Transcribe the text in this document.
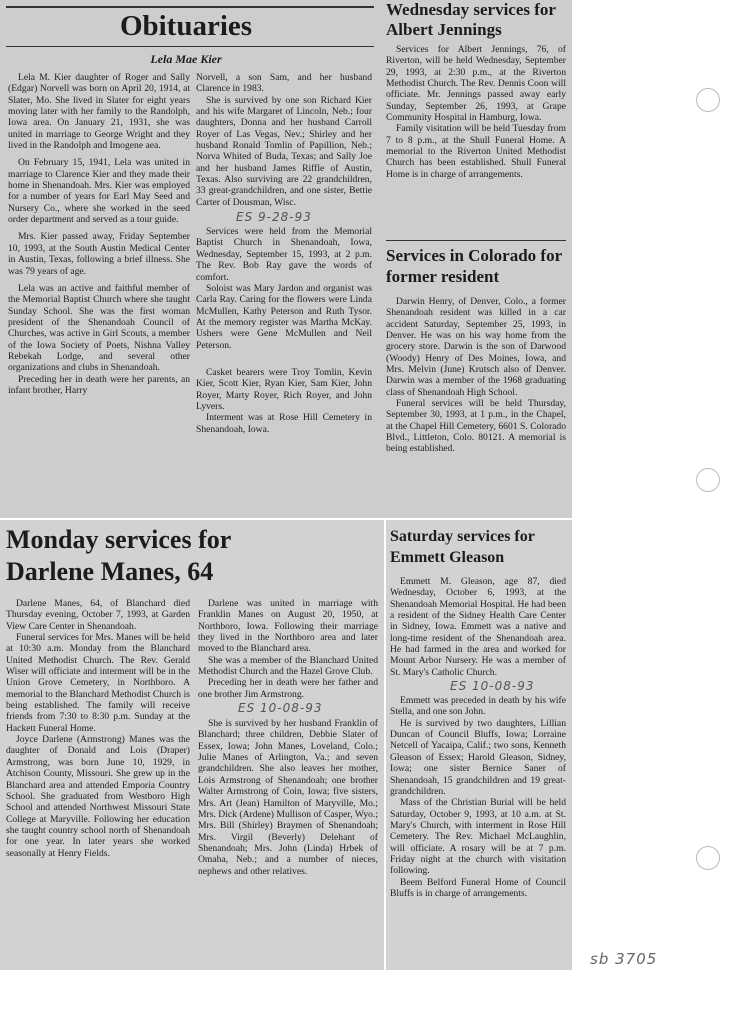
Obituaries
Lela Mae Kier

Lela M. Kier daughter of Roger and Sally (Edgar) Norvell was born on April 20, 1914, at Slater, Mo. She lived in Slater for eight years moving later with her family to the Randolph, Iowa area. On January 21, 1931, she was united in marriage to George Wright and they lived in the Randolph and Imogene aea.

On February 15, 1941, Lela was united in marriage to Clarence Kier and they made their home in Shenandoah. Mrs. Kier was employed for a number of years for Earl May Seed and Nursery Co., where she worked in the seed order department and served as a tour guide.

Mrs. Kier passed away, Friday September 10, 1993, at the South Austin Medical Center in Austin, Texas, following a brief illness. She was 79 years of age.

Lela was an active and faithful member of the Memorial Baptist Church where she taught Sunday School. She was the first woman president of the Shenandoah Council of Churches, was active in Girl Scouts, a member of the Iowa Society of Poets, Nishna Valley Rebekah Lodge, and several other organizations and clubs in Shenandoah.

Preceding her in death were her parents, an infant brother, Harry

Norvell, a son Sam, and her husband Clarence in 1983.

She is survived by one son Richard Kier and his wife Margaret of Lincoln, Neb.; four daughters, Donna and her husband Carroll Royer of Las Vegas, Nev.; Shirley and her husband Ronald Tomlin of Papillion, Neb.; Norva Whited of Buda, Texas; and Sally Joe and her husband James Riffle of Austin, Texas. Also surviving are 22 grandchildren, 33 great-grandchildren, and one sister, Bettie Carter of Dousman, Wisc.

ES 9-28-93

Services were held from the Memorial Baptist Church in Shenandoah, Iowa, Wednesday, September 15, 1993, at 2 p.m. The Rev. Bob Ray gave the words of comfort.

Soloist was Mary Jardon and organist was Carla Ray. Caring for the flowers were Linda McMullen, Kathy Peterson and Ruth Tysor. At the memory register was Martha McKay. Ushers were Gene McMullen and Neil Peterson.

Casket bearers were Troy Tomlin, Kevin Kier, Scott Kier, Ryan Kier, Sam Kier, John Royer, Marty Royer, Rich Royer, and John Lyvers.

Interment was at Rose Hill Cemetery in Shenandoah, Iowa.

Wednesday services for Albert Jennings

Services for Albert Jennings, 76, of Riverton, will be held Wednesday, September 29, 1993, at 2:30 p.m., at the Riverton Methodist Church. The Rev. Dennis Coon will officiate. Mr. Jennings passed away early Sunday, September 26, 1993, at Grape Community Hospital in Hamburg, Iowa.

Family visitation will be held Tuesday from 7 to 8 p.m., at the Shull Funeral Home. A memorial to the Riverton United Methodist Church has been established. Shull Funeral Home is in charge of arrangements.

Services in Colorado for former resident

Darwin Henry, of Denver, Colo., a former Shenandoah resident was killed in a car accident Saturday, September 25, 1993, in Denver. He was on his way home from the grocery store. Darwin is the son of Darwood (Woody) Henry of Des Moines, Iowa, and Mrs. Melvin (June) Krutsch also of Denver. Darwin was a member of the 1968 graduating class of Shenandoah High School.

Funeral services will be held Thursday, September 30, 1993, at 1 p.m., in the Chapel, at the Chapel Hill Cemetery, 6601 S. Colorado Blvd., Littleton, Colo. 80121. A memorial is being established.

Monday services for Darlene Manes, 64

Darlene Manes, 64, of Blanchard died Thursday evening, October 7, 1993, at Garden View Care Center in Shenandoah.

Funeral services for Mrs. Manes will be held at 10:30 a.m. Monday from the Blanchard United Methodist Church. The Rev. Gerald Wiser will officiate and interment will be in the Union Grove Cemetery, in Northboro. A memorial to the Blanchard Methodist Church is being established. The family will receive friends from 7:30 to 8:30 p.m. Sunday at the Hackett Funeral Home.

Joyce Darlene (Armstrong) Manes was the daughter of Donald and Lois (Draper) Armstrong, was born June 10, 1929, in Atchison County, Missouri. She grew up in the Blanchard area and attended Emporia Country School. She graduated from Westboro High School and attended Northwest Missouri State College at Maryville. Following her education she taught country school north of Shenandoah for one year. In later years she worked seasonally at Henry Fields.

Darlene was united in marriage with Franklin Manes on August 20, 1950, at Northboro, Iowa. Following their marriage they lived in the Northboro area and later moved to the Blanchard area.

She was a member of the Blanchard United Methodist Church and the Hazel Grove Club.

Preceding her in death were her father and one brother Jim Armstrong.

ES 10-08-93

She is survived by her husband Franklin of Blanchard; three children, Debbie Slater of Essex, Iowa; John Manes, Loveland, Colo.; Julie Manes of Arlington, Va.; and seven grandchildren. She also leaves her mother, Lois Armstrong of Shenandoah; one brother Walter Armstrong of Coin, Iowa; five sisters, Mrs. Art (Jean) Hamilton of Maryville, Mo.; Mrs. Dick (Ardene) Mullison of Casper, Wyo.; Mrs. Bill (Shirley) Braymen of Shenandoah; Mrs. Virgil (Beverly) Delehant of Shenandoah; Mrs. John (Linda) Hrbek of Omaha, Neb.; and a number of nieces, nephews and other relatives.

Saturday services for Emmett Gleason

Emmett M. Gleason, age 87, died Wednesday, October 6, 1993, at the Shenandoah Memorial Hospital. He had been a resident of the Sidney Health Care Center in Sidney, Iowa. Emmett was a native and long-time resident of the Shenandoah area. He had farmed in the area and worked for Mount Arbor Nursery. He was a member of St. Mary's Catholic Church.

ES 10-08-93

Emmett was preceded in death by his wife Stella, and one son John.

He is survived by two daughters, Lillian Duncan of Council Bluffs, Iowa; Lorraine Netcell of Yacaipa, Calif.; two sons, Kenneth Gleason of Essex; Harold Gleason, Sidney, Iowa; one sister Bernice Saner of Shenandoah, 15 grandchildren and 19 great-grandchildren.

Mass of the Christian Burial will be held Saturday, October 9, 1993, at 10 a.m. at St. Mary's Church, with interment in Rose Hill Cemetery. The Rev. Michael McLaughlin, will officiate. A rosary will be at 7 p.m. Friday night at the church with visitation following.

Beem Belford Funeral Home of Council Bluffs is in charge of arrangements.

sb 3705
